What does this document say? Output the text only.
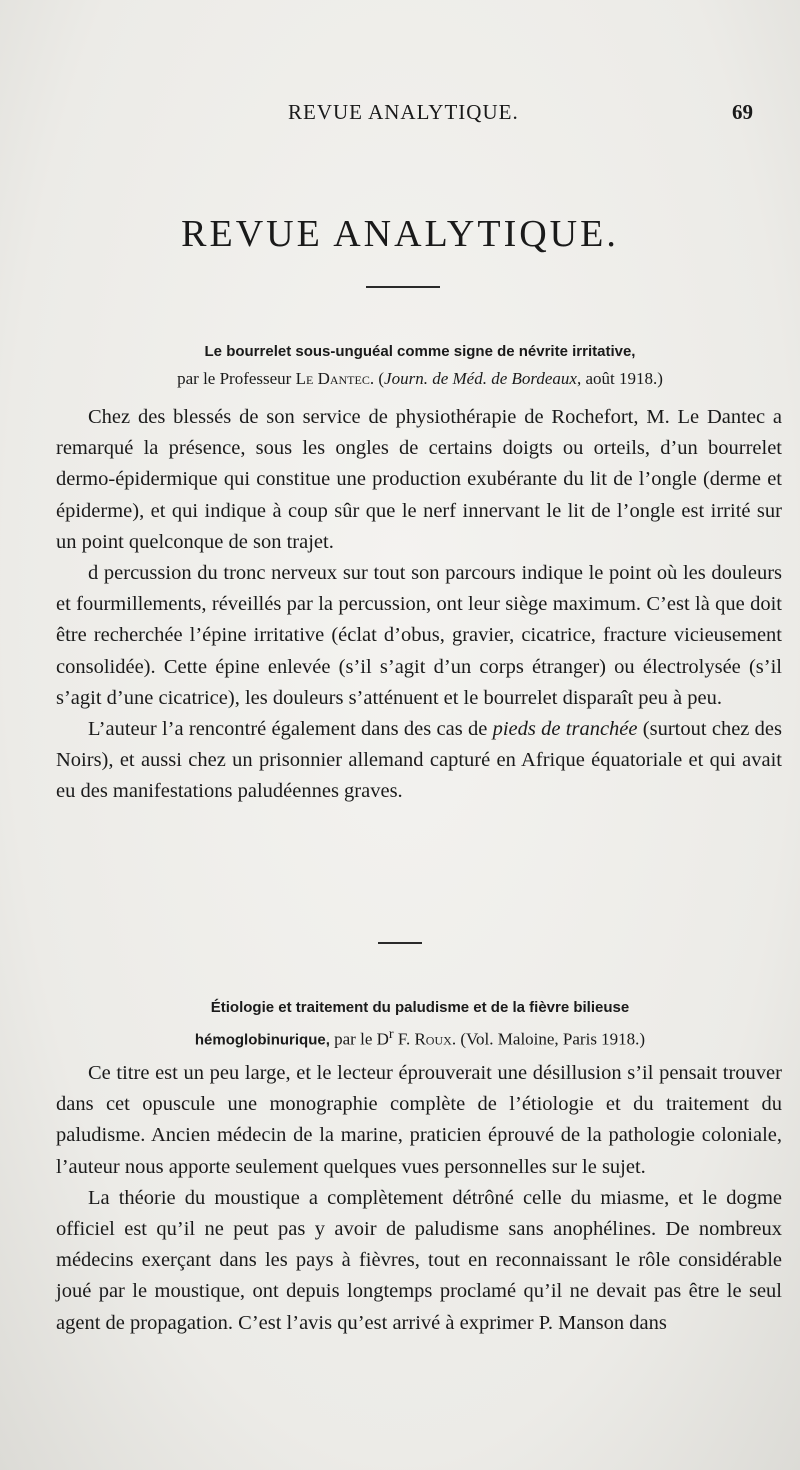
REVUE ANALYTIQUE.	69
REVUE ANALYTIQUE.
Le bourrelet sous-unguéal comme signe de névrite irritative,
par le Professeur Le Dantec. (Journ. de Méd. de Bordeaux, août 1918.)

Chez des blessés de son service de physiothérapie de Rochefort, M. Le Dantec a remarqué la présence, sous les ongles de certains doigts ou orteils, d’un bourrelet dermo-épidermique qui constitue une production exubérante du lit de l’ongle (derme et épiderme), et qui indique à coup sûr que le nerf innervant le lit de l’ongle est irrité sur un point quelconque de son trajet.

d percussion du tronc nerveux sur tout son parcours indique le point où les douleurs et fourmillements, réveillés par la percussion, ont leur siège maximum. C’est là que doit être recherchée l’épine irritative (éclat d’obus, gravier, cicatrice, fracture vicieusement consolidée). Cette épine enlevée (s’il s’agit d’un corps étranger) ou électrolysée (s’il s’agit d’une cicatrice), les douleurs s’atténuent et le bourrelet disparaît peu à peu.

L’auteur l’a rencontré également dans des cas de pieds de tranchée (surtout chez des Noirs), et aussi chez un prisonnier allemand capturé en Afrique équatoriale et qui avait eu des manifestations paludéennes graves.

Étiologie et traitement du paludisme et de la fièvre bilieuse
hémoglobinurique, par le $D^r$ F. Roux. (Vol. Maloine, Paris 1918.)

Ce titre est un peu large, et le lecteur éprouverait une désillusion s’il pensait trouver dans cet opuscule une monographie complète de l’étiologie et du traitement du paludisme. Ancien médecin de la marine, praticien éprouvé de la pathologie coloniale, l’auteur nous apporte seulement quelques vues personnelles sur le sujet.

La théorie du moustique a complètement détrôné celle du miasme, et le dogme officiel est qu’il ne peut pas y avoir de paludisme sans anophélines. De nombreux médecins exerçant dans les pays à fièvres, tout en reconnaissant le rôle considérable joué par le moustique, ont depuis longtemps proclamé qu’il ne devait pas être le seul agent de propagation. C’est l’avis qu’est arrivé à exprimer P. Manson dans
